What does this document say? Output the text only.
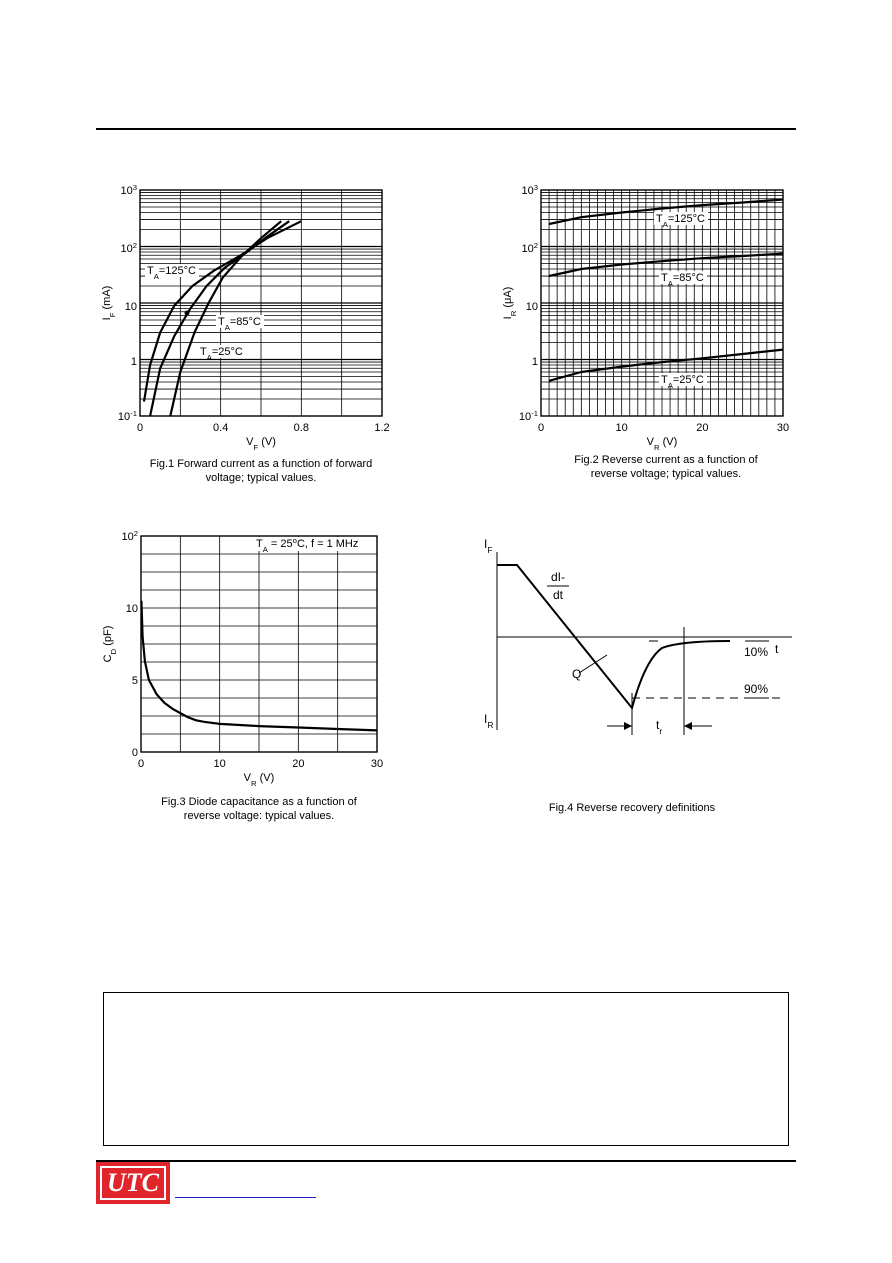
0	0.4	0.8	1.2
$10^{-1}$
1
10
$10^2$
$10^3$
$V_F$ (V)
$I_F$ (mA)
$T_A=125^\circ C$
$T_A=85^\circ C$
$T_A=25^\circ C$
0	10	20	30
$10^{-1}$
1
10
$10^2$
$10^3$
$V_R$ (V)
$I_R$ (μA)
$T_A=125^\circ C$
$T_A=85^\circ C$
$T_A=25^\circ C$
0	10	20	30
0
5
10
$10^2$
$V_R$ (V)
$C_D$ (pF)
$T_A = 25^oC$, f = 1 MHz	$I_F$
$I_R$
dI-
dt
Q
10%
90%
t
$t_r$
Fig.1 Forward current as a function of forward
voltage; typical values.
Fig.2 Reverse current as a function of
reverse voltage; typical values.
Fig.3 Diode capacitance as a function of
reverse voltage: typical values.
Fig.4 Reverse recovery definitions
UTC
